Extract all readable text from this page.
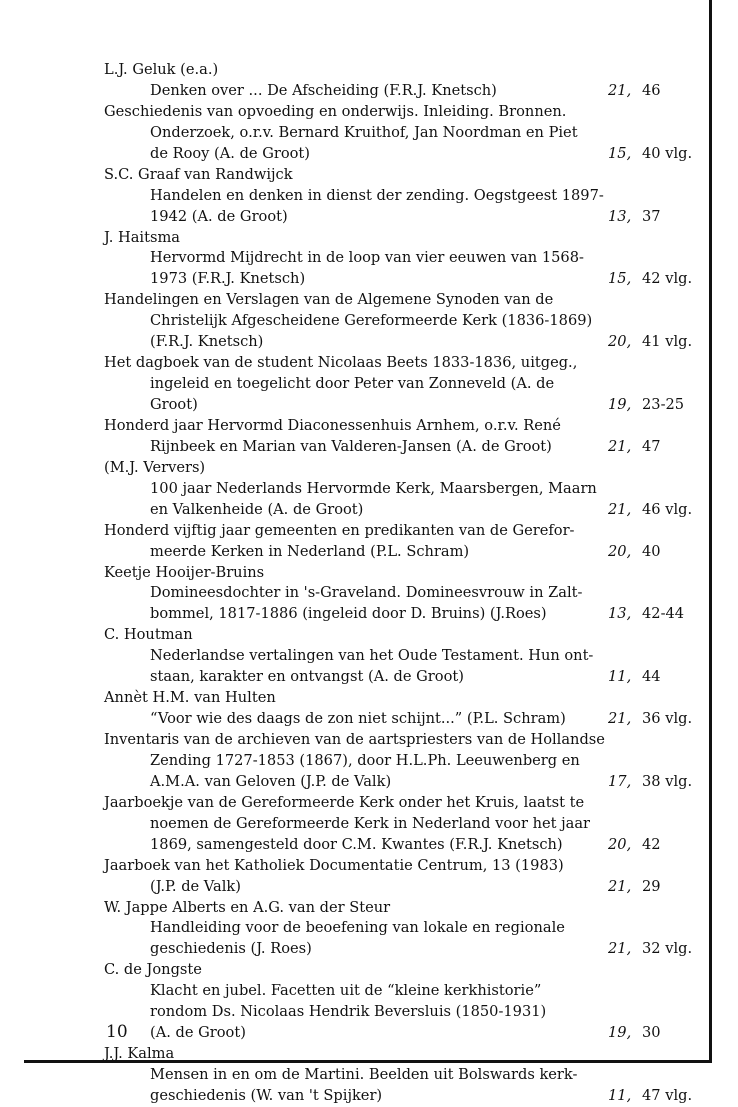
L.J. Geluk (e.a.)
Denken over ... De Afscheiding (F.R.J. Knetsch)	21, 46
Geschiedenis van opvoeding en onderwijs. Inleiding. Bronnen.
Onderzoek, o.r.v. Bernard Kruithof, Jan Noordman en Piet
de Rooy (A. de Groot)	15, 40 vlg.
S.C. Graaf van Randwijck
Handelen en denken in dienst der zending. Oegstgeest 1897-
1942 (A. de Groot)	13, 37
J. Haitsma
Hervormd Mijdrecht in de loop van vier eeuwen van 1568-
1973 (F.R.J. Knetsch)	15, 42 vlg.
Handelingen en Verslagen van de Algemene Synoden van de
Christelijk Afgescheidene Gereformeerde Kerk (1836-1869)
(F.R.J. Knetsch)	20, 41 vlg.
Het dagboek van de student Nicolaas Beets 1833-1836, uitgeg.,
ingeleid en toegelicht door Peter van Zonneveld (A. de
Groot)	19, 23-25
Honderd jaar Hervormd Diaconessenhuis Arnhem, o.r.v. René
Rijnbeek en Marian van Valderen-Jansen (A. de Groot)	21, 47
(M.J. Ververs)
100 jaar Nederlands Hervormde Kerk, Maarsbergen, Maarn
en Valkenheide (A. de Groot)	21, 46 vlg.
Honderd vijftig jaar gemeenten en predikanten van de Gerefor-
meerde Kerken in Nederland (P.L. Schram)	20, 40
Keetje Hooijer-Bruins
Domineesdochter in 's-Graveland. Domineesvrouw in Zalt-
bommel, 1817-1886 (ingeleid door D. Bruins) (J.Roes)	13, 42-44
C. Houtman
Nederlandse vertalingen van het Oude Testament. Hun ont-
staan, karakter en ontvangst (A. de Groot)	11, 44
Annèt H.M. van Hulten
“Voor wie des daags de zon niet schijnt...” (P.L. Schram)	21, 36 vlg.
Inventaris van de archieven van de aartspriesters van de Hollandse
Zending 1727-1853 (1867), door H.L.Ph. Leeuwenberg en
A.M.A. van Geloven (J.P. de Valk)	17, 38 vlg.
Jaarboekje van de Gereformeerde Kerk onder het Kruis, laatst te
noemen de Gereformeerde Kerk in Nederland voor het jaar
1869, samengesteld door C.M. Kwantes (F.R.J. Knetsch)	20, 42
Jaarboek van het Katholiek Documentatie Centrum, 13 (1983)
(J.P. de Valk)	21, 29
W. Jappe Alberts en A.G. van der Steur
Handleiding voor de beoefening van lokale en regionale
geschiedenis (J. Roes)	21, 32 vlg.
C. de Jongste
Klacht en jubel. Facetten uit de “kleine kerkhistorie”
rondom Ds. Nicolaas Hendrik Beversluis (1850-1931)
(A. de Groot)	19, 30
J.J. Kalma
Mensen in en om de Martini. Beelden uit Bolswards kerk-
geschiedenis (W. van 't Spijker)	11, 47 vlg.
10
